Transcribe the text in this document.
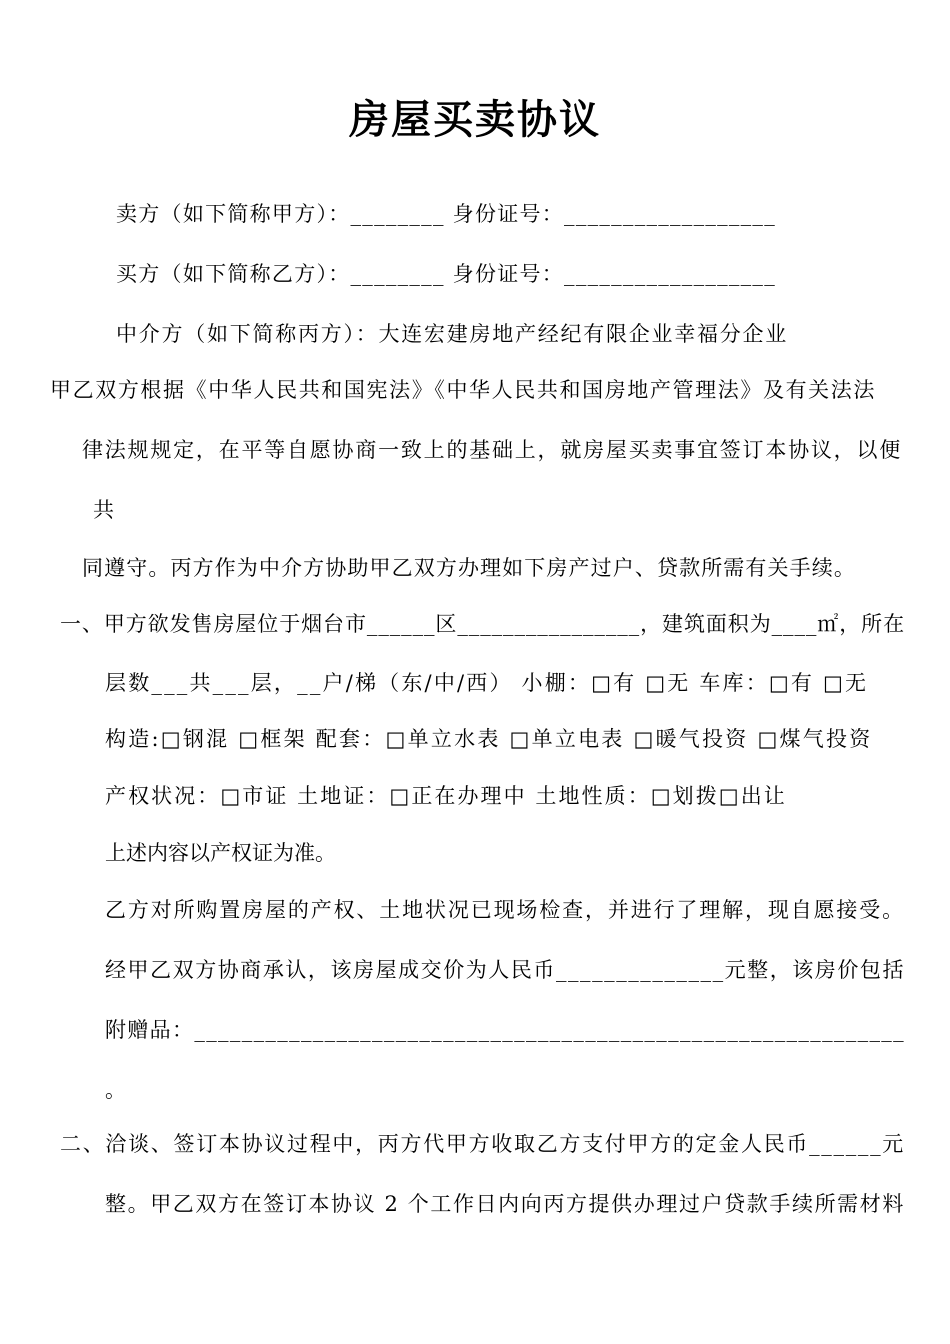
房屋买卖协议
卖方（如下简称甲方）：________ 身份证号：__________________
买方（如下简称乙方）：________ 身份证号：__________________
中介方（如下简称丙方）：大连宏建房地产经纪有限企业幸福分企业
甲乙双方根据《中华人民共和国宪法》《中华人民共和国房地产管理法》及有关法法
律法规规定，在平等自愿协商一致上的基础上，就房屋买卖事宜签订本协议，以便
共
同遵守。丙方作为中介方协助甲乙双方办理如下房产过户、贷款所需有关手续。
一、甲方欲发售房屋位于烟台市______区________________，建筑面积为____㎡，所在
层数___共___层，__户/梯（东/中/西） 小棚：□有 □无 车库：□有 □无
构造:□钢混 □框架 配套：□单立水表 □单立电表 □暖气投资 □煤气投资
产权状况：□市证 土地证：□正在办理中 土地性质：□划拨□出让
上述内容以产权证为准。
乙方对所购置房屋的产权、土地状况已现场检查，并进行了理解，现自愿接受。
经甲乙双方协商承认，该房屋成交价为人民币______________元整，该房价包括
附赠品：____________________________________________________________
。
二、洽谈、签订本协议过程中，丙方代甲方收取乙方支付甲方的定金人民币______元
整。甲乙双方在签订本协议 2 个工作日内向丙方提供办理过户贷款手续所需材料
